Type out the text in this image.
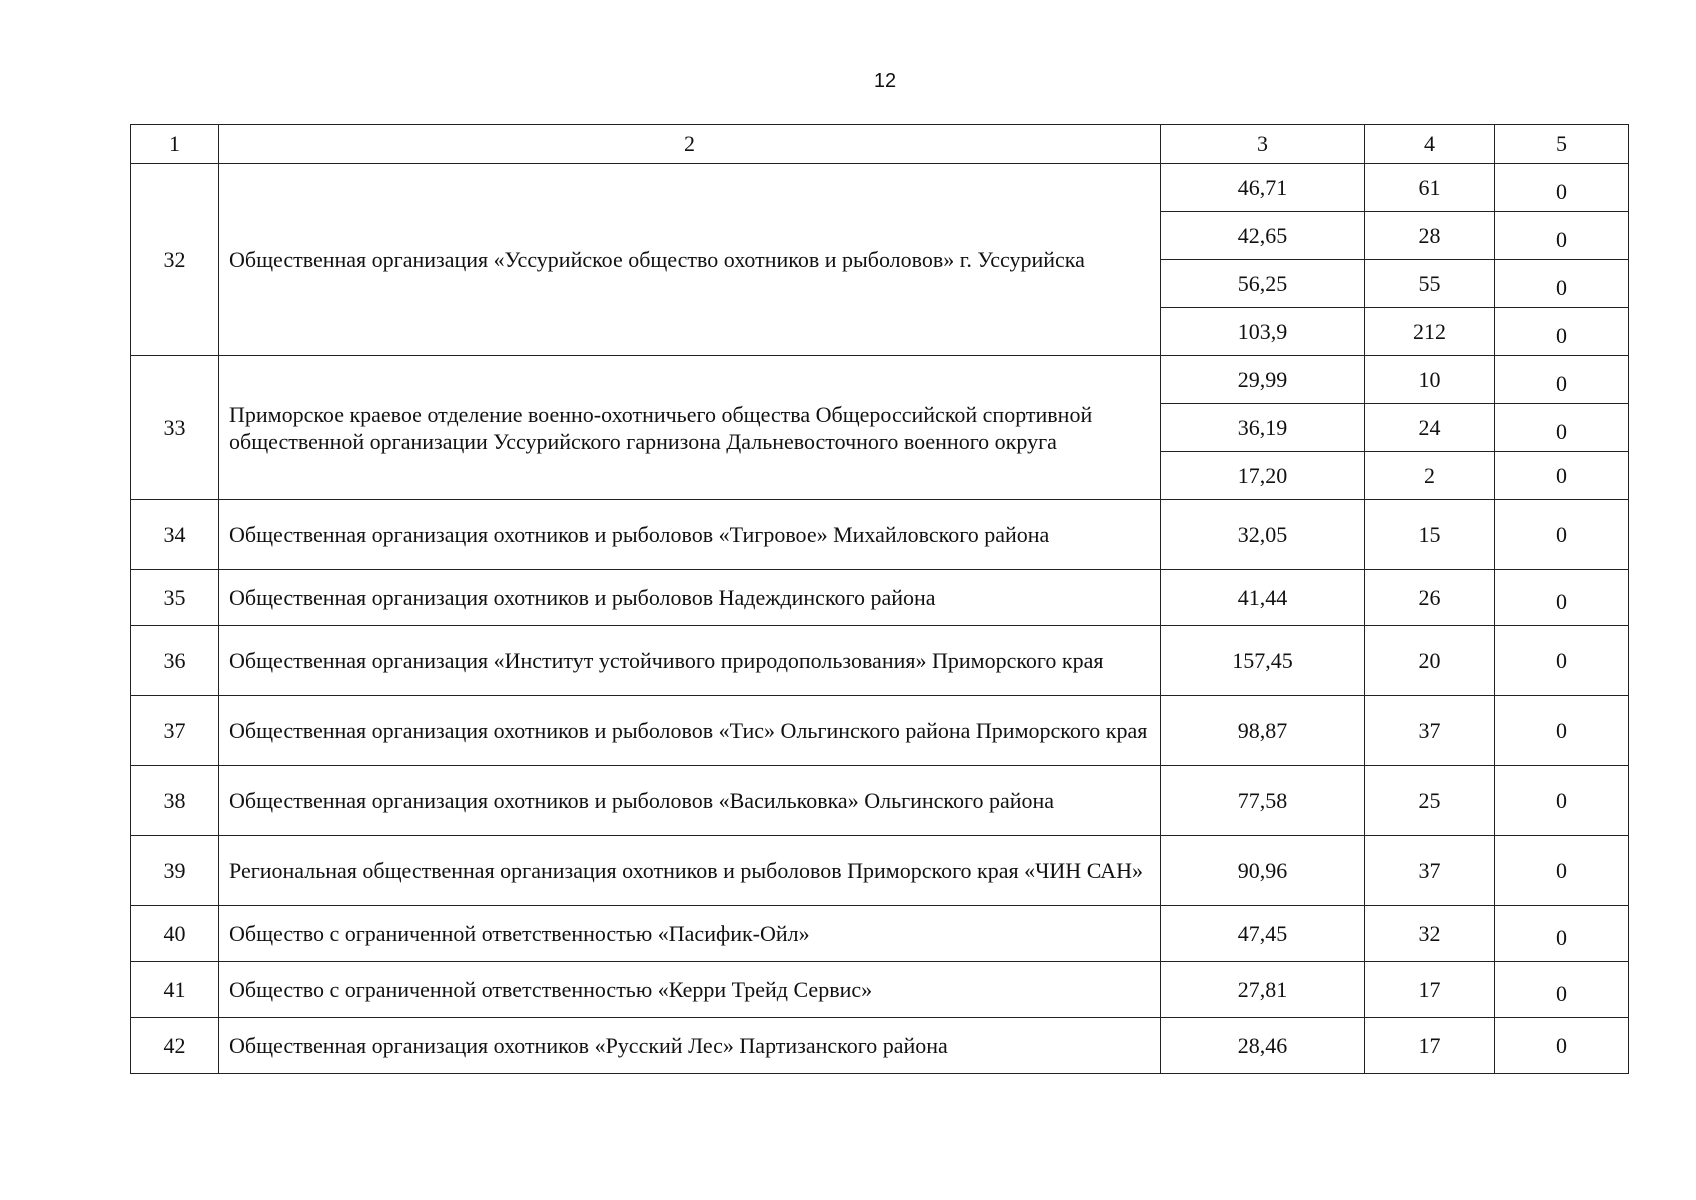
12
1	2	3	4	5
32	Общественная организация «Уссурийское общество охотников и рыболовов» г. Уссурийска	46,71	61	0
		42,65	28	0
		56,25	55	0
		103,9	212	0
33	Приморское краевое отделение военно-охотничьего общества Общероссийской спортивной общественной организации Уссурийского гарнизона Дальневосточного военного округа	29,99	10	0
		36,19	24	0
		17,20	2	0
34	Общественная организация охотников и рыболовов «Тигровое» Михайловского района	32,05	15	0
35	Общественная организация охотников и рыболовов Надеждинского района	41,44	26	0
36	Общественная организация «Институт устойчивого природопользования» Приморского края	157,45	20	0
37	Общественная организация охотников и рыболовов «Тис» Ольгинского района Приморского края	98,87	37	0
38	Общественная организация охотников и рыболовов «Васильковка» Ольгинского района	77,58	25	0
39	Региональная общественная организация охотников и рыболовов Приморского края «ЧИН САН»	90,96	37	0
40	Общество с ограниченной ответственностью «Пасифик-Ойл»	47,45	32	0
41	Общество с ограниченной ответственностью «Керри Трейд Сервис»	27,81	17	0
42	Общественная организация охотников «Русский Лес» Партизанского района	28,46	17	0
